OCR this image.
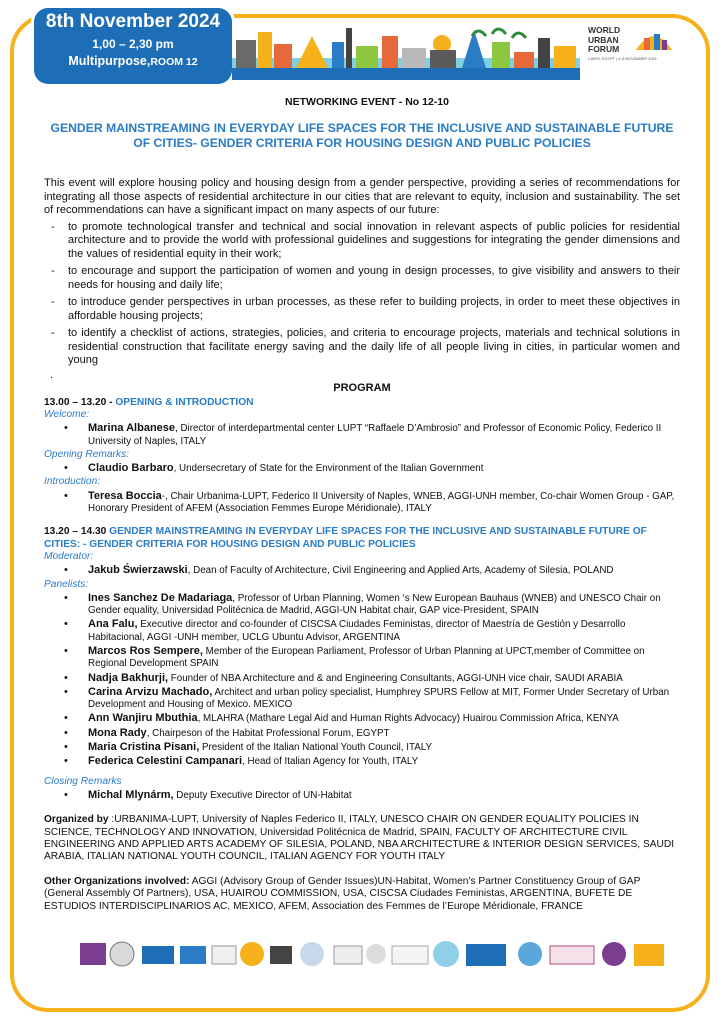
8th November 2024
1,00 – 2,30 pm
Multipurpose,ROOM 12
WORLD
URBAN
FORUM
CAIRO, EGYPT | 4–8 NOVEMBER 2024
NETWORKING EVENT - No 12-10
GENDER MAINSTREAMING IN EVERYDAY LIFE SPACES FOR THE INCLUSIVE AND SUSTAINABLE FUTURE OF CITIES- GENDER CRITERIA FOR HOUSING DESIGN AND PUBLIC POLICIES
This event will explore housing policy and housing design from a gender perspective, providing a series of recommendations for integrating all those aspects of residential architecture in our cities that are relevant to equity, inclusion and sustainability. The set of recommendations can have a significant impact on many aspects of our future:
- to promote technological transfer and technical and social innovation in relevant aspects of public policies for residential architecture and to provide the world with professional guidelines and suggestions for integrating the gender dimensions and the values of residential equity in their work;
- to encourage and support the participation of women and young in design processes, to give visibility and answers to their needs for housing and daily life;
- to introduce gender perspectives in urban processes, as these refer to building projects, in order to meet these objectives in affordable housing projects;
- to identify a checklist of actions, strategies, policies, and criteria to encourage projects, materials and technical solutions in residential construction that facilitate energy saving and the daily life of all people living in cities, in particular women and young
.
PROGRAM
13.00 – 13.20 - OPENING & INTRODUCTION
Welcome:
• Marina Albanese, Director of interdepartmental center LUPT “Raffaele D’Ambrosio” and Professor of Economic Policy, Federico II University of Naples, ITALY
Opening Remarks:
• Claudio Barbaro, Undersecretary of State for the Environment of the Italian Government
Introduction:
• Teresa Boccia-, Chair Urbanima-LUPT, Federico II University of Naples, WNEB, AGGI-UNH member, Co-chair Women Group - GAP, Honorary President of AFEM (Association Femmes Europe Méridionale), ITALY
13.20 – 14.30 GENDER MAINSTREAMING IN EVERYDAY LIFE SPACES FOR THE INCLUSIVE AND SUSTAINABLE FUTURE OF CITIES: - GENDER CRITERIA FOR HOUSING DESIGN AND PUBLIC POLICIES
Moderator:
• Jakub Świerzawski, Dean of Faculty of Architecture, Civil Engineering and Applied Arts, Academy of Silesia, POLAND
Panelists:
• Ines Sanchez De Madariaga, Professor of Urban Planning, Women ‘s New European Bauhaus (WNEB) and UNESCO Chair on Gender equality, Universidad Politécnica de Madrid, AGGI-UN Habitat chair, GAP vice-President, SPAIN
• Ana Falu, Executive director and co-founder of CISCSA Ciudades Feministas, director of Maestría de Gestión y Desarrollo Habitacional, AGGI -UNH member, UCLG Ubuntu Advisor, ARGENTINA
• Marcos Ros Sempere, Member of the European Parliament, Professor of Urban Planning at UPCT,member of Committee on Regional Development SPAIN
• Nadja Bakhurji, Founder of NBA Architecture and & and Engineering Consultants, AGGI-UNH vice chair, SAUDI ARABIA
• Carina Arvizu Machado, Architect and urban policy specialist, Humphrey SPURS Fellow at MIT, Former Under Secretary of Urban Development and Housing of Mexico. MEXICO
• Ann Wanjiru Mbuthia, MLAHRA (Mathare Legal Aid and Human Rights Advocacy) Huairou Commission Africa, KENYA
• Mona Rady, Chairpeson of the Habitat Professional Forum, EGYPT
• Maria Cristina Pisani, President of the Italian National Youth Council, ITALY
• Federica Celestini Campanari, Head of Italian Agency for Youth, ITALY
Closing Remarks
• Michal Mlynárm, Deputy Executive Director of UN-Habitat
Organized by :URBANIMA-LUPT, University of Naples Federico II, ITALY, UNESCO CHAIR ON GENDER EQUALITY POLICIES IN SCIENCE, TECHNOLOGY AND INNOVATION, Universidad Politécnica de Madrid, SPAIN, FACULTY OF ARCHITECTURE CIVIL ENGINEERING AND APPLIED ARTS ACADEMY OF SILESIA, POLAND, NBA ARCHITECTURE & INTERIOR DESIGN SERVICES, SAUDI ARABIA, ITALIAN NATIONAL YOUTH COUNCIL, ITALIAN AGENCY FOR YOUTH ITALY
Other Organizations involved: AGGI (Advisory Group of Gender Issues)UN-Habitat, Women’s Partner Constituency Group of GAP (General Assembly Of Partners), USA, HUAIROU COMMISSION, USA, CISCSA Ciudades Feministas, ARGENTINA, BUFETE DE ESTUDIOS INTERDISCIPLINARIOS AC, MEXICO, AFEM, Association des Femmes de l’Europe Méridionale, FRANCE
